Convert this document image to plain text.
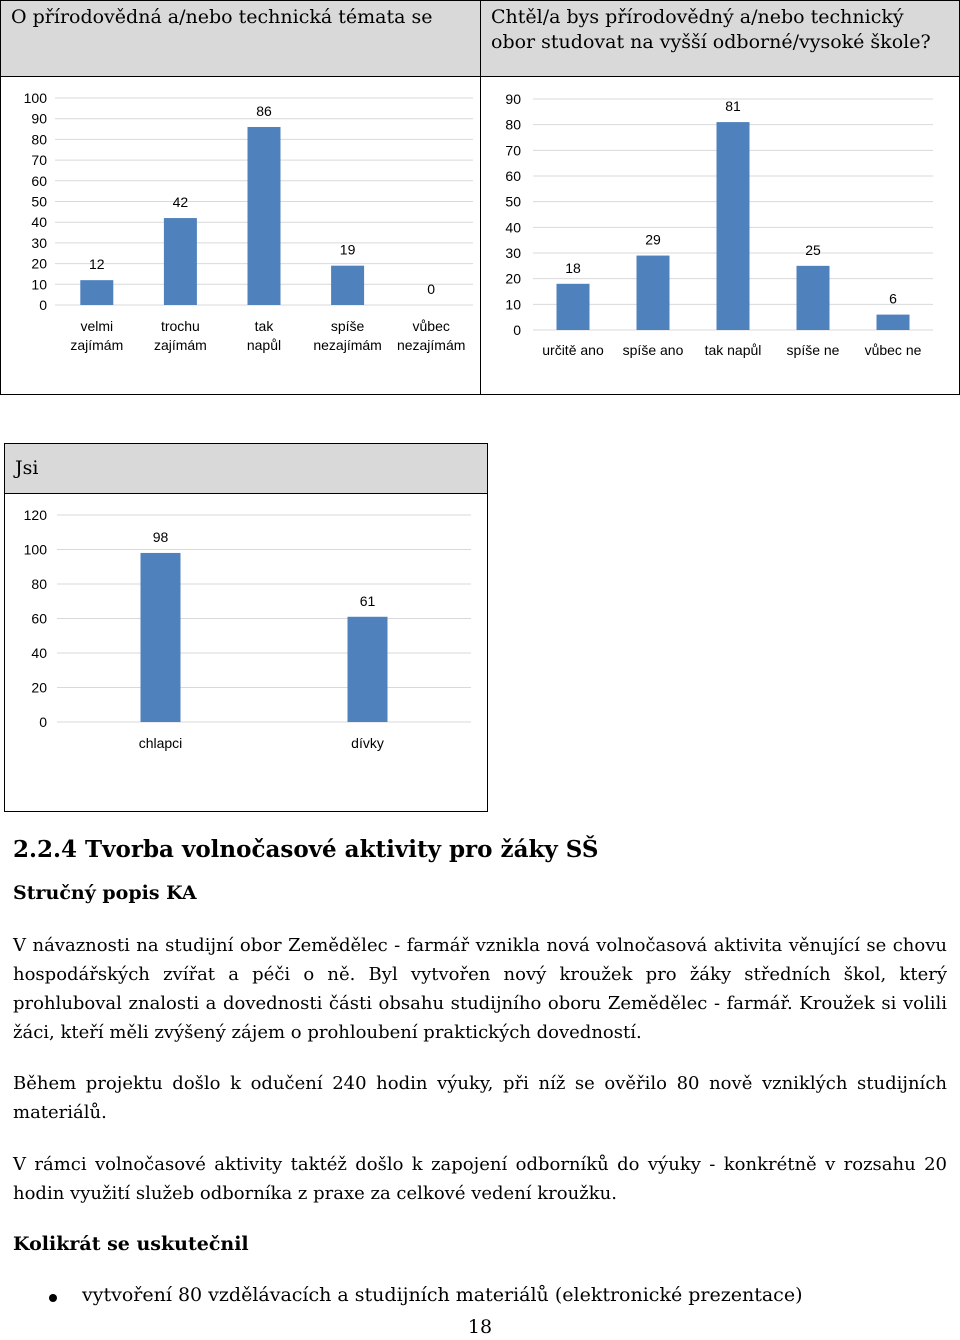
O přírodovědná a/nebo technická témata se	Chtěl/a bys přírodovědný a/nebo technický obor studovat na vyšší odborné/vysoké škole?
0
10
20
30
40
50
60
70
80
90
100
12
velmi
zajímám
42
trochu
zajímám
86
tak
napůl
19
spíše
nezajímám
0
vůbec
nezajímám
0
10
20
30
40
50
60
70
80
90
18
určitě ano
29
spíše ano
81
tak napůl
25
spíše ne
6
vůbec ne
Jsi
0
20
40
60
80
100
120
98
chlapci
61
dívky
2.2.4 Tvorba volnočasové aktivity pro žáky SŠ
Stručný popis KA
V návaznosti na studijní obor Zemědělec - farmář vznikla nová volnočasová aktivita věnující se chovu hospodářských zvířat a péči o ně. Byl vytvořen nový kroužek pro žáky středních škol, který prohluboval znalosti a dovednosti části obsahu studijního oboru Zemědělec - farmář. Kroužek si volili žáci, kteří měli zvýšený zájem o prohloubení praktických dovedností.
Během projektu došlo k odučení 240 hodin výuky, při níž se ověřilo 80 nově vzniklých studijních materiálů.
V rámci volnočasové aktivity taktéž došlo k zapojení odborníků do výuky - konkrétně v rozsahu 20 hodin využití služeb odborníka z praxe za celkové vedení kroužku.
Kolikrát se uskutečnil
vytvoření 80 vzdělávacích a studijních materiálů (elektronické prezentace)
18
